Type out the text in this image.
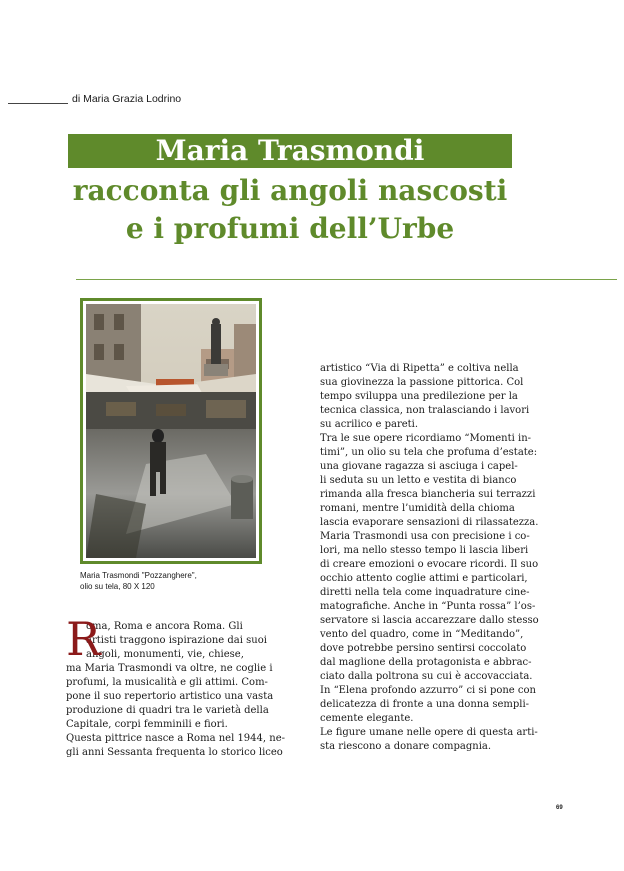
di Maria Grazia Lodrino
Maria Trasmondi
racconta gli angoli nascosti
e i profumi dell’Urbe
Maria Trasmondi "Pozzanghere",
olio su tela, 80 X 120
R
oma, Roma e ancora Roma. Gli
artisti traggono ispirazione dai suoi
angoli, monumenti, vie, chiese,
ma Maria Trasmondi va oltre, ne coglie i
profumi, la musicalità e gli attimi. Com-
pone il suo repertorio artistico una vasta
produzione di quadri tra le varietà della
Capitale, corpi femminili e fiori.
Questa pittrice nasce a Roma nel 1944, ne-
gli anni Sessanta frequenta lo storico liceo
artistico “Via di Ripetta” e coltiva nella
sua giovinezza la passione pittorica. Col
tempo sviluppa una predilezione per la
tecnica classica, non tralasciando i lavori
su acrilico e pareti.
Tra le sue opere ricordiamo “Momenti in-
timi”, un olio su tela che profuma d’estate:
una giovane ragazza si asciuga i capel-
li seduta su un letto e vestita di bianco
rimanda alla fresca biancheria sui terrazzi
romani, mentre l’umidità della chioma
lascia evaporare sensazioni di rilassatezza.
Maria Trasmondi usa con precisione i co-
lori, ma nello stesso tempo li lascia liberi
di creare emozioni o evocare ricordi. Il suo
occhio attento coglie attimi e particolari,
diretti nella tela come inquadrature cine-
matografiche. Anche in “Punta rossa” l’os-
servatore si lascia accarezzare dallo stesso
vento del quadro, come in “Meditando”,
dove potrebbe persino sentirsi coccolato
dal maglione della protagonista e abbrac-
ciato dalla poltrona su cui è accovacciata.
In “Elena profondo azzurro” ci si pone con
delicatezza di fronte a una donna sempli-
cemente elegante.
Le figure umane nelle opere di questa arti-
sta riescono a donare compagnia.
69
